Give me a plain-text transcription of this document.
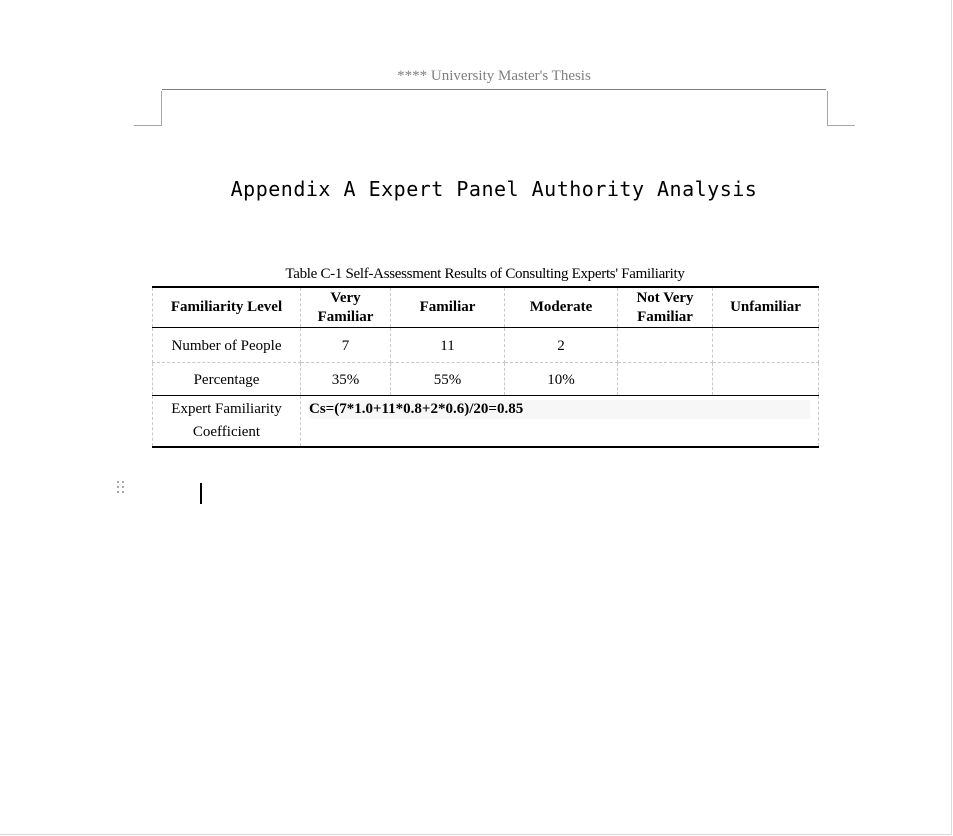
**** University Master's Thesis
Appendix A Expert Panel Authority Analysis
Table C-1 Self-Assessment Results of Consulting Experts' Familiarity
Familiarity Level	Very Familiar	Familiar	Moderate	Not Very Familiar	Unfamiliar
Number of People	7	11	2		
Percentage	35%	55%	10%		
Expert Familiarity Coefficient	Cs=(7*1.0+11*0.8+2*0.6)/20=0.85				
